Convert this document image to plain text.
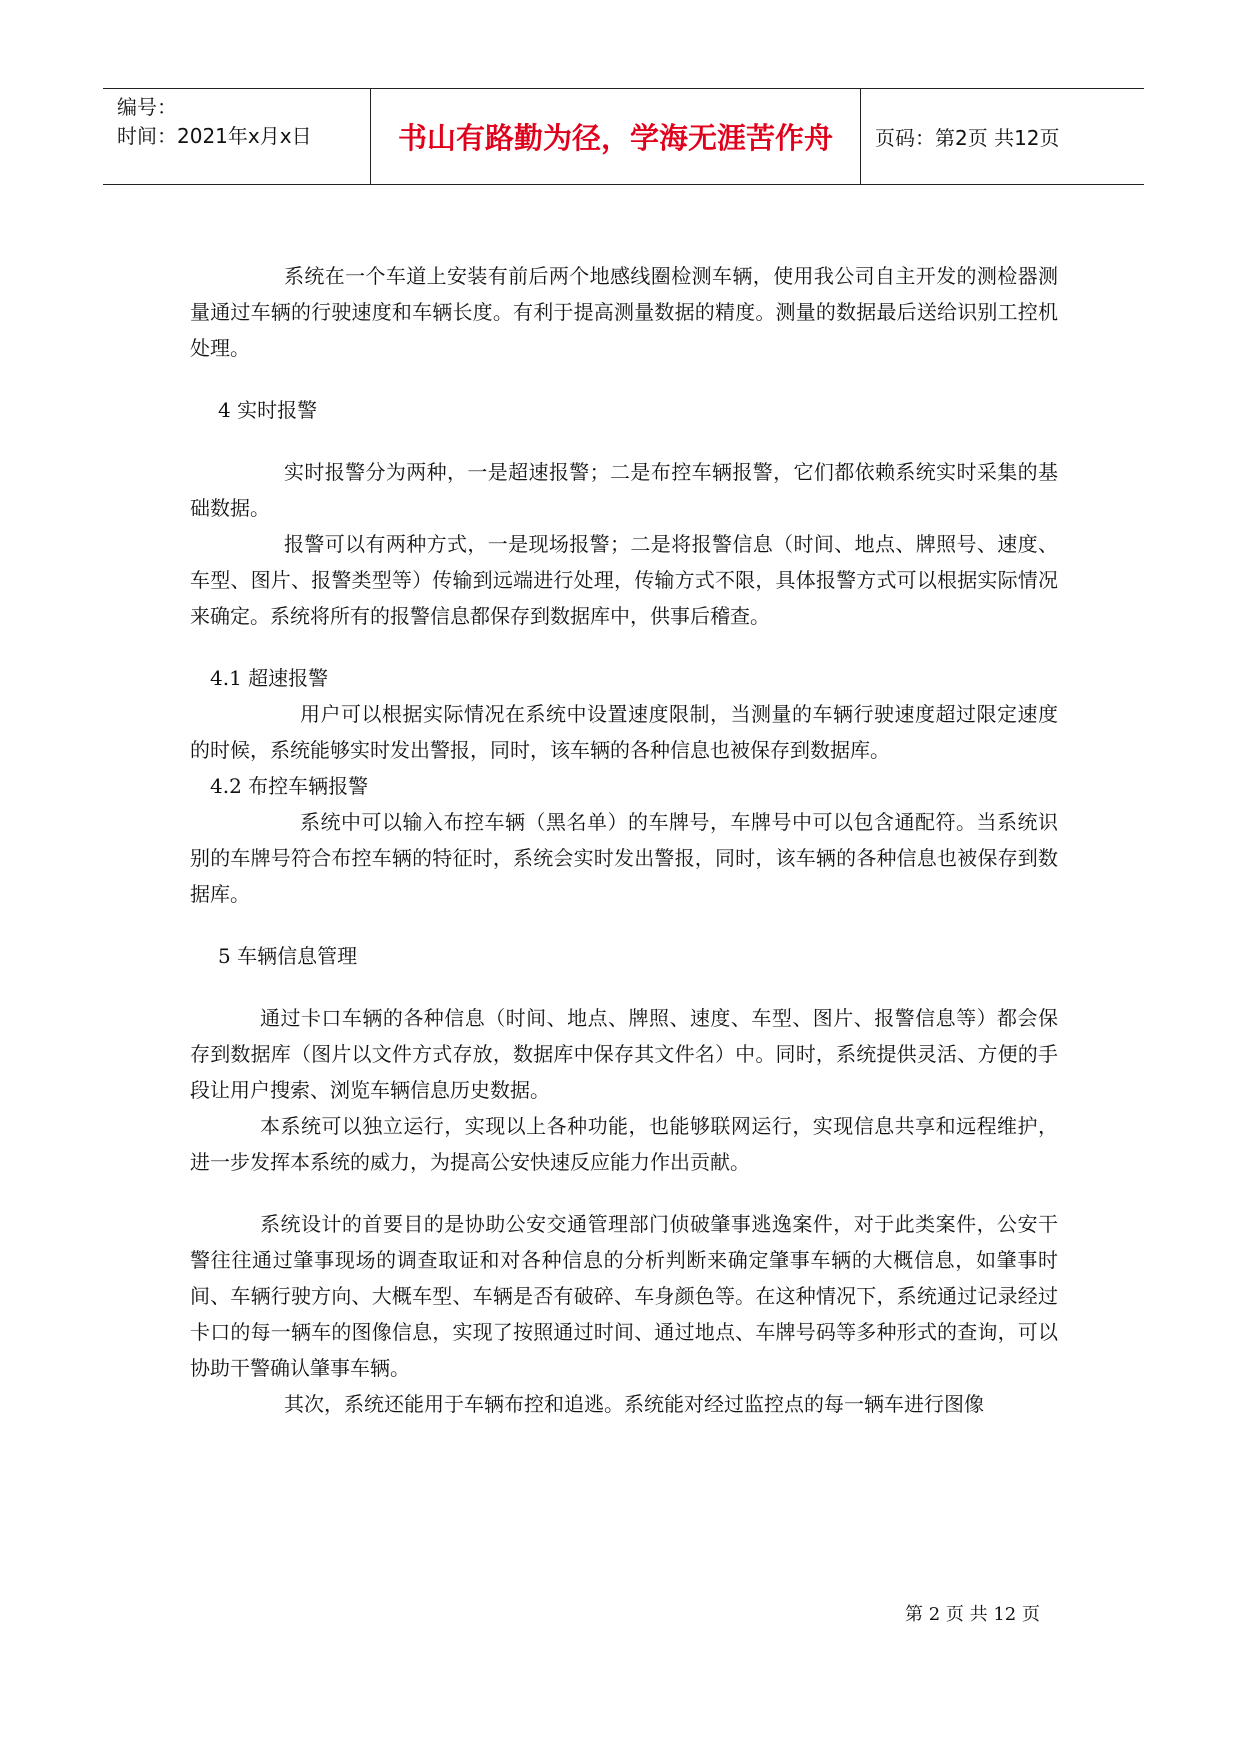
编号：
时间：2021年x月x日	书山有路勤为径，学海无涯苦作舟	页码：第2页 共12页

系统在一个车道上安装有前后两个地感线圈检测车辆，使用我公司自主开发的测检器测量通过车辆的行驶速度和车辆长度。有利于提高测量数据的精度。测量的数据最后送给识别工控机处理。

4 实时报警

实时报警分为两种，一是超速报警；二是布控车辆报警，它们都依赖系统实时采集的基础数据。

报警可以有两种方式，一是现场报警；二是将报警信息（时间、地点、牌照号、速度、车型、图片、报警类型等）传输到远端进行处理，传输方式不限，具体报警方式可以根据实际情况来确定。系统将所有的报警信息都保存到数据库中，供事后稽查。

4.1 超速报警

用户可以根据实际情况在系统中设置速度限制，当测量的车辆行驶速度超过限定速度的时候，系统能够实时发出警报，同时，该车辆的各种信息也被保存到数据库。

4.2 布控车辆报警

系统中可以输入布控车辆（黑名单）的车牌号，车牌号中可以包含通配符。当系统识别的车牌号符合布控车辆的特征时，系统会实时发出警报，同时，该车辆的各种信息也被保存到数据库。

5 车辆信息管理

通过卡口车辆的各种信息（时间、地点、牌照、速度、车型、图片、报警信息等）都会保存到数据库（图片以文件方式存放，数据库中保存其文件名）中。同时，系统提供灵活、方便的手段让用户搜索、浏览车辆信息历史数据。

本系统可以独立运行，实现以上各种功能，也能够联网运行，实现信息共享和远程维护，进一步发挥本系统的威力，为提高公安快速反应能力作出贡献。

系统设计的首要目的是协助公安交通管理部门侦破肇事逃逸案件，对于此类案件，公安干警往往通过肇事现场的调查取证和对各种信息的分析判断来确定肇事车辆的大概信息，如肇事时间、车辆行驶方向、大概车型、车辆是否有破碎、车身颜色等。在这种情况下，系统通过记录经过卡口的每一辆车的图像信息，实现了按照通过时间、通过地点、车牌号码等多种形式的查询，可以协助干警确认肇事车辆。

其次，系统还能用于车辆布控和追逃。系统能对经过监控点的每一辆车进行图像

第 2 页 共 12 页
